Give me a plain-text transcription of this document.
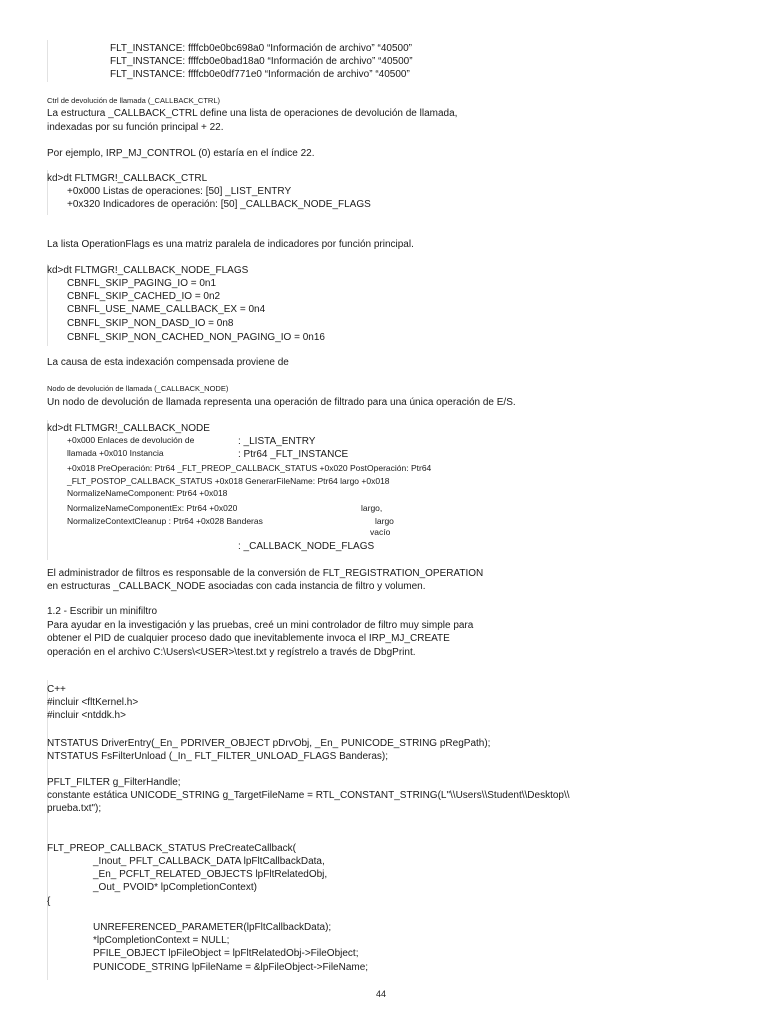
FLT_INSTANCE: ffffcb0e0bc698a0 “Información de archivo” “40500”
FLT_INSTANCE: ffffcb0e0bad18a0 “Información de archivo” “40500”
FLT_INSTANCE: ffffcb0e0df771e0 “Información de archivo” “40500”
Ctrl de devolución de llamada (_CALLBACK_CTRL)
La estructura _CALLBACK_CTRL define una lista de operaciones de devolución de llamada,
indexadas por su función principal + 22.
Por ejemplo, IRP_MJ_CONTROL (0) estaría en el índice 22.
kd>dt FLTMGR!_CALLBACK_CTRL
+0x000 Listas de operaciones: [50] _LIST_ENTRY
+0x320 Indicadores de operación: [50] _CALLBACK_NODE_FLAGS
La lista OperationFlags es una matriz paralela de indicadores por función principal.
kd>dt FLTMGR!_CALLBACK_NODE_FLAGS
CBNFL_SKIP_PAGING_IO = 0n1
CBNFL_SKIP_CACHED_IO = 0n2
CBNFL_USE_NAME_CALLBACK_EX = 0n4
CBNFL_SKIP_NON_DASD_IO = 0n8
CBNFL_SKIP_NON_CACHED_NON_PAGING_IO = 0n16
La causa de esta indexación compensada proviene de
Nodo de devolución de llamada (_CALLBACK_NODE)
Un nodo de devolución de llamada representa una operación de filtrado para una única operación de E/S.
kd>dt FLTMGR!_CALLBACK_NODE
+0x000 Enlaces de devolución de	: _LISTA_ENTRY
llamada +0x010 Instancia	: Ptr64 _FLT_INSTANCE
+0x018 PreOperación: Ptr64 _FLT_PREOP_CALLBACK_STATUS +0x020 PostOperación: Ptr64
_FLT_POSTOP_CALLBACK_STATUS +0x018 GenerarFileName: Ptr64 largo +0x018
NormalizeNameComponent: Ptr64 +0x018
NormalizeNameComponentEx: Ptr64 +0x020	largo,
NormalizeContextCleanup : Ptr64 +0x028 Banderas	largo
vacío
: _CALLBACK_NODE_FLAGS
El administrador de filtros es responsable de la conversión de FLT_REGISTRATION_OPERATION
en estructuras _CALLBACK_NODE asociadas con cada instancia de filtro y volumen.
1.2 - Escribir un minifiltro
Para ayudar en la investigación y las pruebas, creé un mini controlador de filtro muy simple para
obtener el PID de cualquier proceso dado que inevitablemente invoca el IRP_MJ_CREATE
operación en el archivo C:\Users\<USER>\test.txt y regístrelo a través de DbgPrint.
C++
#incluir <fltKernel.h>
#incluir <ntddk.h>
NTSTATUS DriverEntry(_En_ PDRIVER_OBJECT pDrvObj, _En_ PUNICODE_STRING pRegPath);
NTSTATUS FsFilterUnload (_In_ FLT_FILTER_UNLOAD_FLAGS Banderas);
PFLT_FILTER g_FilterHandle;
constante estática UNICODE_STRING g_TargetFileName = RTL_CONSTANT_STRING(L"\\Users\\Student\\Desktop\\
prueba.txt");
FLT_PREOP_CALLBACK_STATUS PreCreateCallback(
_Inout_ PFLT_CALLBACK_DATA lpFltCallbackData,
_En_ PCFLT_RELATED_OBJECTS lpFltRelatedObj,
_Out_ PVOID* lpCompletionContext)
{
UNREFERENCED_PARAMETER(lpFltCallbackData);
*lpCompletionContext = NULL;
PFILE_OBJECT lpFileObject = lpFltRelatedObj->FileObject;
PUNICODE_STRING lpFileName = &lpFileObject->FileName;
44
